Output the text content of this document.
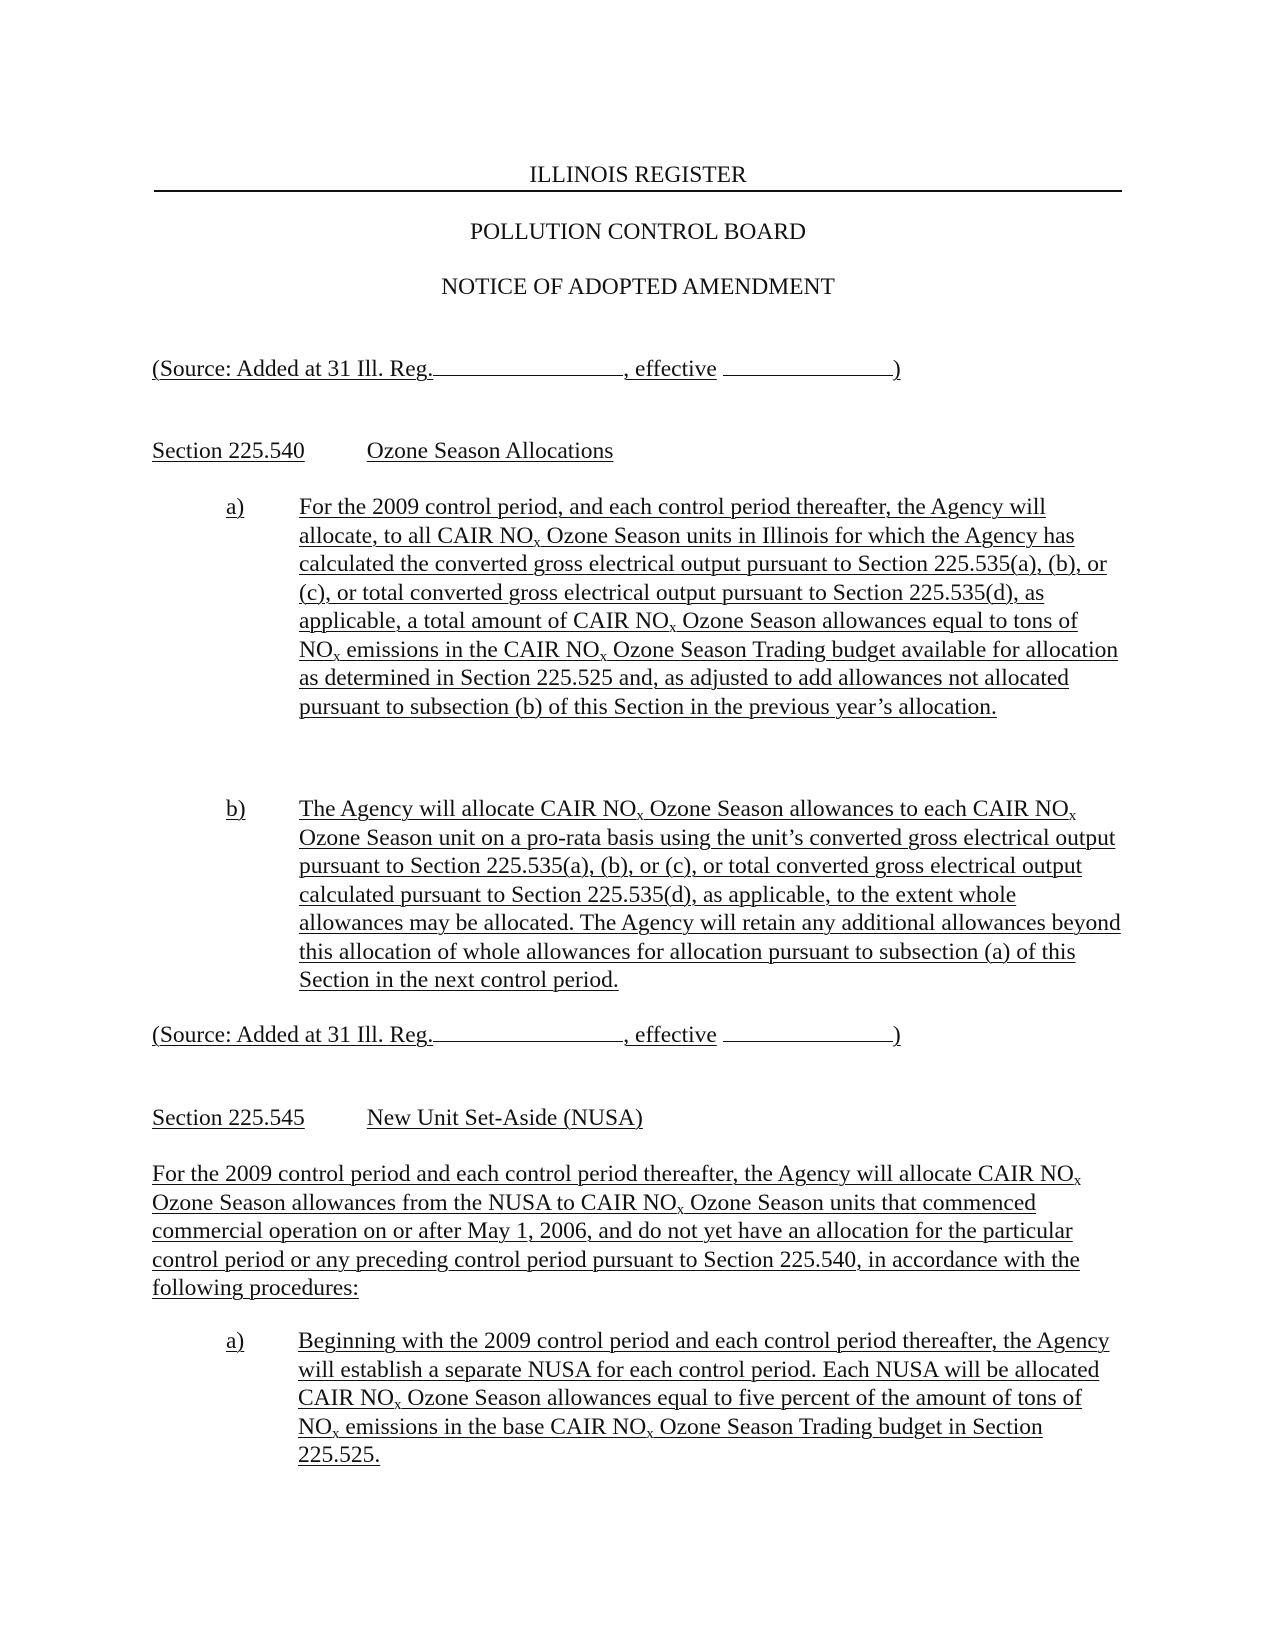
ILLINOIS REGISTER
POLLUTION CONTROL BOARD
NOTICE OF ADOPTED AMENDMENT
(Source: Added at 31 Ill. Reg.	, effective	)
Section 225.540	Ozone Season Allocations
a) For the 2009 control period, and each control period thereafter, the Agency will allocate, to all CAIR $NO_x$ Ozone Season units in Illinois for which the Agency has calculated the converted gross electrical output pursuant to Section 225.535(a), (b), or (c), or total converted gross electrical output pursuant to Section 225.535(d), as applicable, a total amount of CAIR $NO_x$ Ozone Season allowances equal to tons of $NO_x$ emissions in the CAIR $NO_x$ Ozone Season Trading budget available for allocation as determined in Section 225.525 and, as adjusted to add allowances not allocated pursuant to subsection (b) of this Section in the previous year’s allocation.
b) The Agency will allocate CAIR $NO_x$ Ozone Season allowances to each CAIR $NO_x$ Ozone Season unit on a pro-rata basis using the unit’s converted gross electrical output pursuant to Section 225.535(a), (b), or (c), or total converted gross electrical output calculated pursuant to Section 225.535(d), as applicable, to the extent whole allowances may be allocated. The Agency will retain any additional allowances beyond this allocation of whole allowances for allocation pursuant to subsection (a) of this Section in the next control period.
(Source: Added at 31 Ill. Reg.	, effective	)
Section 225.545	New Unit Set-Aside (NUSA)
For the 2009 control period and each control period thereafter, the Agency will allocate CAIR $NO_x$ Ozone Season allowances from the NUSA to CAIR $NO_x$ Ozone Season units that commenced commercial operation on or after May 1, 2006, and do not yet have an allocation for the particular control period or any preceding control period pursuant to Section 225.540, in accordance with the following procedures:
a) Beginning with the 2009 control period and each control period thereafter, the Agency will establish a separate NUSA for each control period. Each NUSA will be allocated CAIR $NO_x$ Ozone Season allowances equal to five percent of the amount of tons of $NO_x$ emissions in the base CAIR $NO_x$ Ozone Season Trading budget in Section 225.525.
